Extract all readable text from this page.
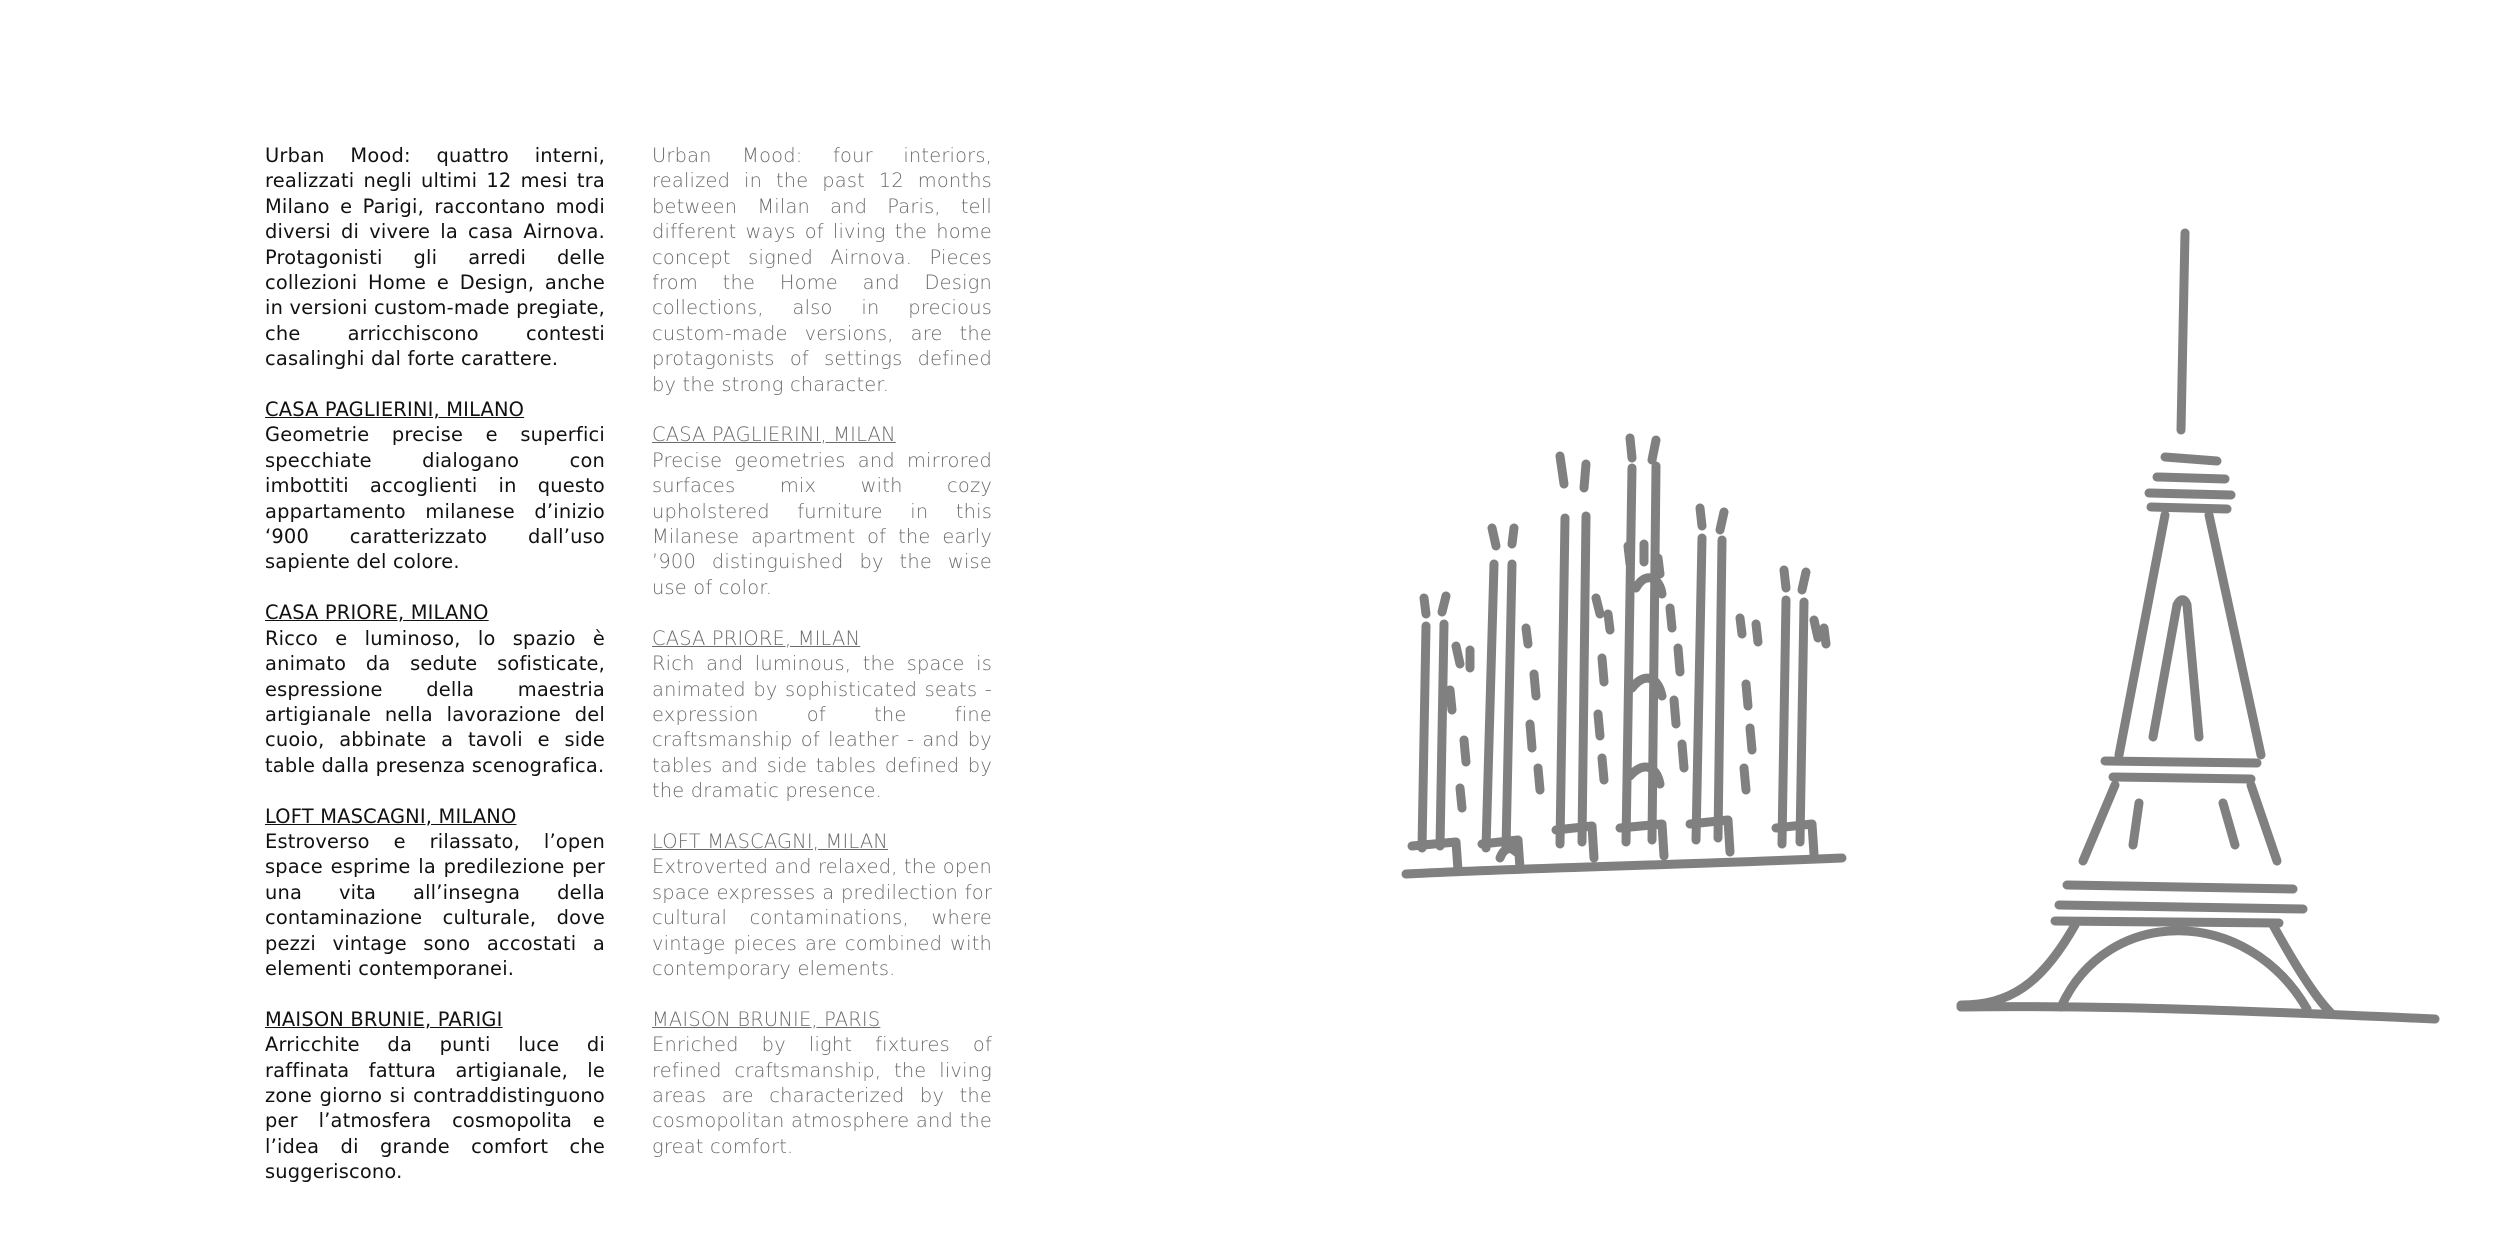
Urban Mood: quattro interni, realizzati negli ultimi 12 mesi tra Milano e Parigi, raccontano modi diversi di vivere la casa Airnova. Protagonisti gli arredi delle collezioni Home e Design, anche in versioni custom-made pregiate, che arricchiscono contesti casalinghi dal forte carattere.

CASA PAGLIERINI, MILANO

Geometrie precise e superfici specchiate dialogano con imbottiti accoglienti in questo appartamento milanese d’inizio ‘900 caratterizzato dall’uso sapiente del colore.

CASA PRIORE, MILANO

Ricco e luminoso, lo spazio è animato da sedute sofisticate, espressione della maestria artigianale nella lavorazione del cuoio, abbinate a tavoli e side table dalla presenza scenografica.

LOFT MASCAGNI, MILANO

Estroverso e rilassato, l’open space esprime la predilezione per una vita all’insegna della contaminazione culturale, dove pezzi vintage sono accostati a elementi contemporanei.

MAISON BRUNIE, PARIGI

Arricchite da punti luce di raffinata fattura artigianale, le zone giorno si contraddistinguono per l’atmosfera cosmopolita e l’idea di grande comfort che suggeriscono.

Urban Mood: four interiors, realized in the past 12 months between Milan and Paris, tell different ways of living the home concept signed Airnova. Pieces from the Home and Design collections, also in precious custom-made versions, are the protagonists of settings defined by the strong character.

CASA PAGLIERINI, MILAN

Precise geometries and mirrored surfaces mix with cozy upholstered furniture in this Milanese apartment of the early ’900 distinguished by the wise use of color.

CASA PRIORE, MILAN

Rich and luminous, the space is animated by sophisticated seats - expression of the fine craftsmanship of leather - and by tables and side tables defined by the dramatic presence.

LOFT MASCAGNI, MILAN

Extroverted and relaxed, the open space expresses a predilection for cultural contaminations, where vintage pieces are combined with contemporary elements.

MAISON BRUNIE, PARIS

Enriched by light fixtures of refined craftsmanship, the living areas are characterized by the cosmopolitan atmosphere and the great comfort.
